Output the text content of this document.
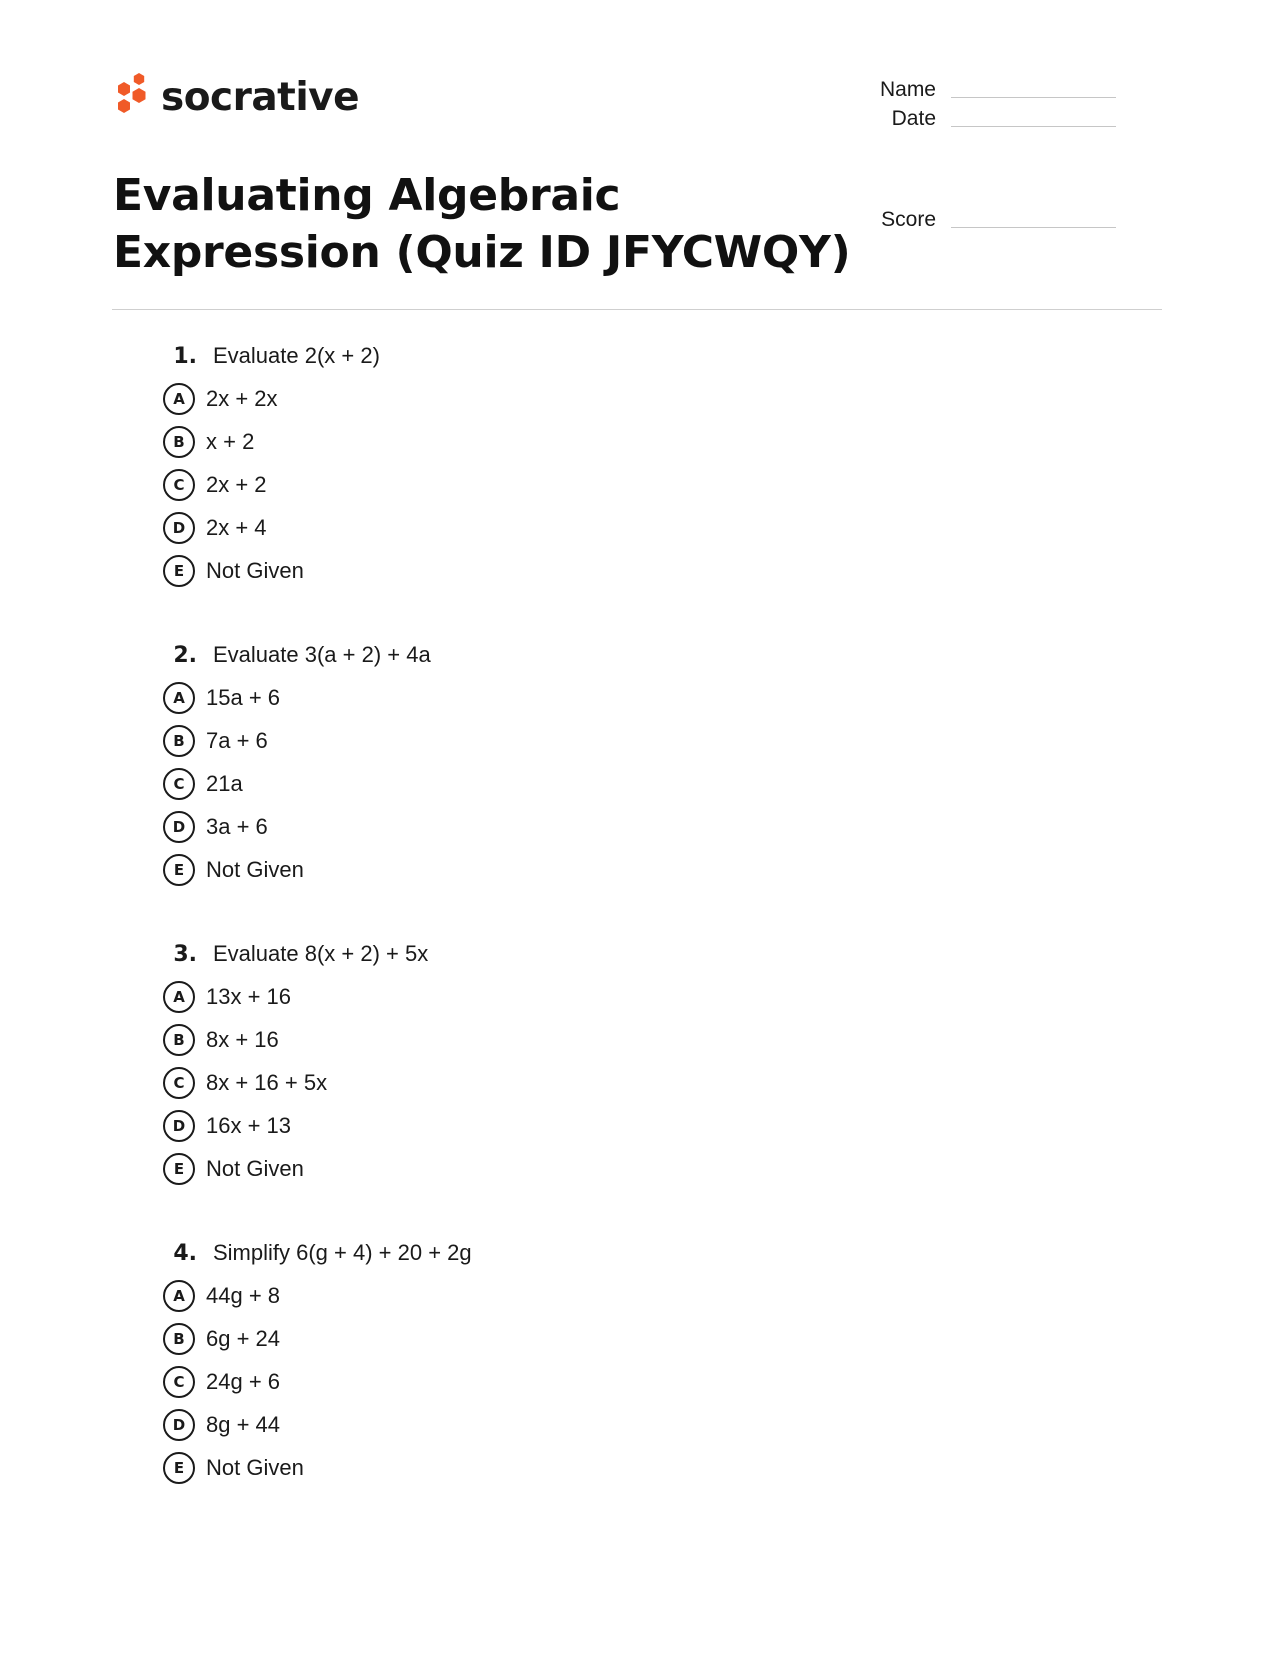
socrative	Name
Date
Score
Evaluating Algebraic Expression (Quiz ID JFYCWQY)
1. Evaluate 2(x + 2)
A 2x + 2x
B x + 2
C 2x + 2
D 2x + 4
E Not Given
2. Evaluate 3(a + 2) + 4a
A 15a + 6
B 7a + 6
C 21a
D 3a + 6
E Not Given
3. Evaluate 8(x + 2) + 5x
A 13x + 16
B 8x + 16
C 8x + 16 + 5x
D 16x + 13
E Not Given
4. Simplify 6(g + 4) + 20 + 2g
A 44g + 8
B 6g + 24
C 24g + 6
D 8g + 44
E Not Given
